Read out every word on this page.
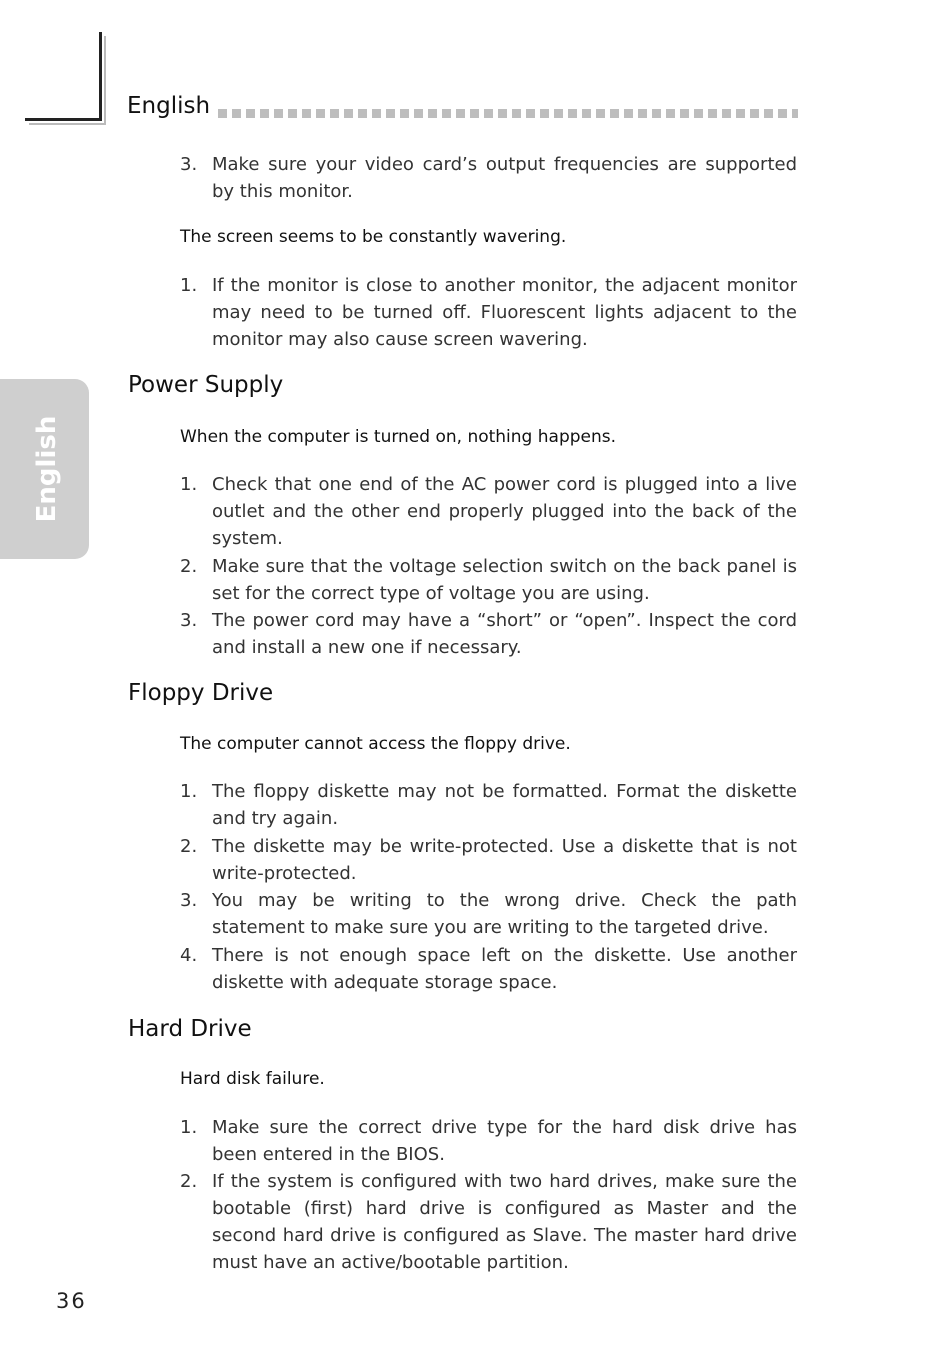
English
English
3. Make sure your video card’s output frequencies are supported by this monitor.
The screen seems to be constantly wavering.
1. If the monitor is close to another monitor, the adjacent monitor may need to be turned off. Fluorescent lights adjacent to the monitor may also cause screen wavering.
Power Supply
When the computer is turned on, nothing happens.
1. Check that one end of the AC power cord is plugged into a live outlet and the other end properly plugged into the back of the system.
2. Make sure that the voltage selection switch on the back panel is set for the correct type of voltage you are using.
3. The power cord may have a “short” or “open”. Inspect the cord and install a new one if necessary.
Floppy Drive
The computer cannot access the floppy drive.
1. The floppy diskette may not be formatted. Format the diskette and try again.
2. The diskette may be write-protected. Use a diskette that is not write-protected.
3. You may be writing to the wrong drive. Check the path statement to make sure you are writing to the targeted drive.
4. There is not enough space left on the diskette. Use another diskette with adequate storage space.
Hard Drive
Hard disk failure.
1. Make sure the correct drive type for the hard disk drive has been entered in the BIOS.
2. If the system is configured with two hard drives, make sure the bootable (first) hard drive is configured as Master and the second hard drive is configured as Slave. The master hard drive must have an active/bootable partition.
36
